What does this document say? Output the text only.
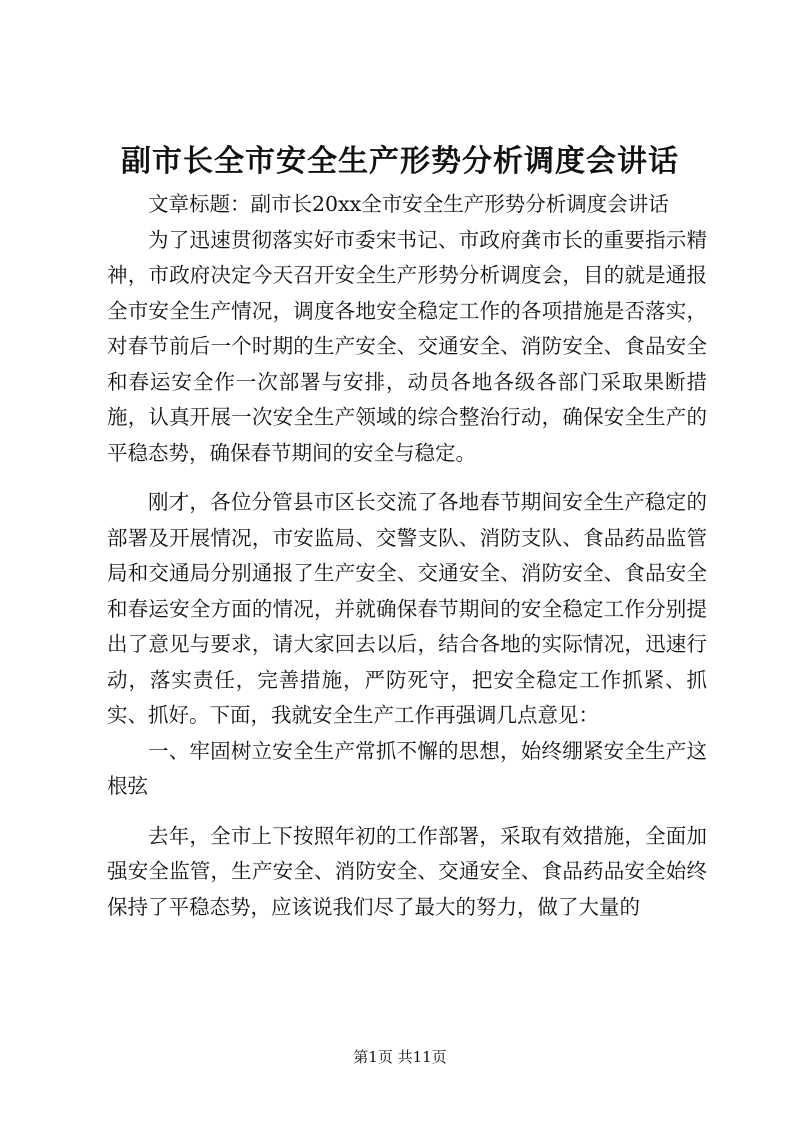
副市长全市安全生产形势分析调度会讲话

文章标题：副市长20xx全市安全生产形势分析调度会讲话

为了迅速贯彻落实好市委宋书记、市政府龚市长的重要指示精神，市政府决定今天召开安全生产形势分析调度会，目的就是通报全市安全生产情况，调度各地安全稳定工作的各项措施是否落实，对春节前后一个时期的生产安全、交通安全、消防安全、食品安全和春运安全作一次部署与安排，动员各地各级各部门采取果断措施，认真开展一次安全生产领域的综合整治行动，确保安全生产的平稳态势，确保春节期间的安全与稳定。

刚才，各位分管县市区长交流了各地春节期间安全生产稳定的部署及开展情况，市安监局、交警支队、消防支队、食品药品监管局和交通局分别通报了生产安全、交通安全、消防安全、食品安全和春运安全方面的情况，并就确保春节期间的安全稳定工作分别提出了意见与要求，请大家回去以后，结合各地的实际情况，迅速行动，落实责任，完善措施，严防死守，把安全稳定工作抓紧、抓实、抓好。下面，我就安全生产工作再强调几点意见：

一、牢固树立安全生产常抓不懈的思想，始终绷紧安全生产这根弦

去年，全市上下按照年初的工作部署，采取有效措施，全面加强安全监管，生产安全、消防安全、交通安全、食品药品安全始终保持了平稳态势，应该说我们尽了最大的努力，做了大量的

第1页 共11页
